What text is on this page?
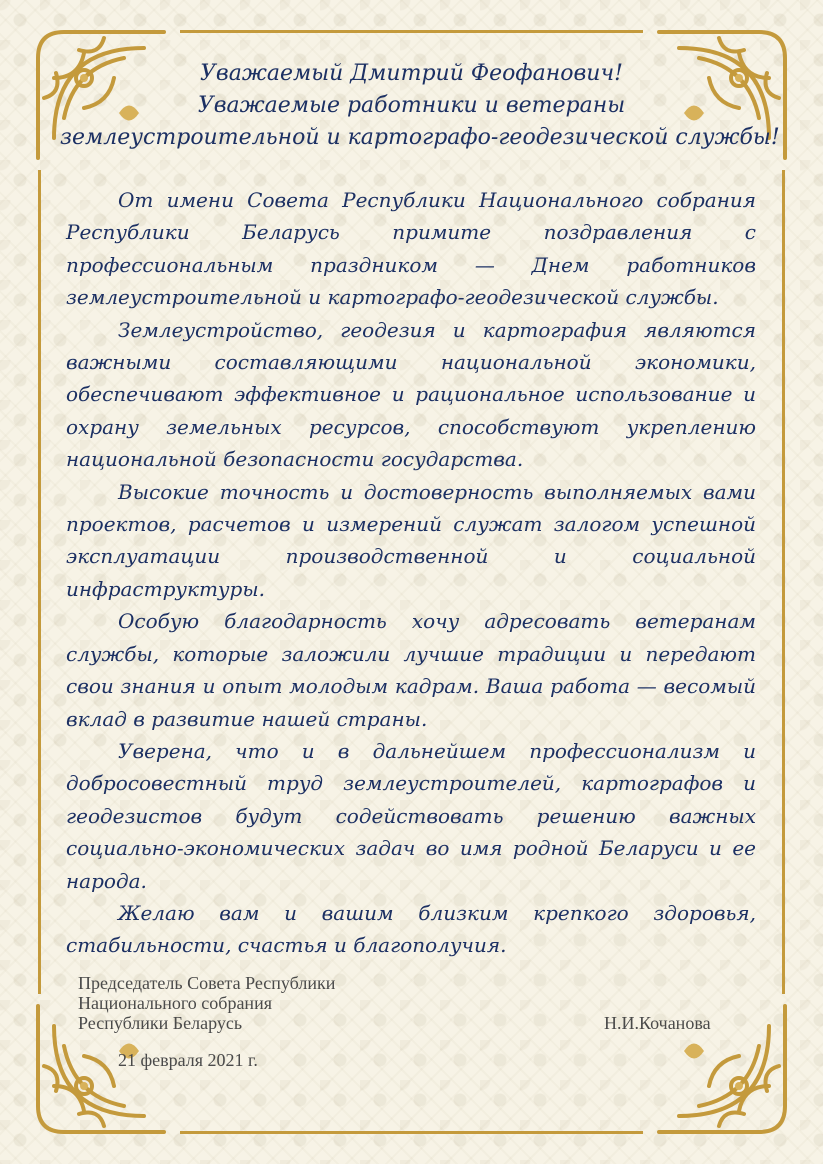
Уважаемый Дмитрий Феофанович!
Уважаемые работники и ветераны
землеустроительной и картографо-геодезической службы!

От имени Совета Республики Национального собрания Республики Беларусь примите поздравления с профессиональным праздником — Днем работников землеустроительной и картографо-геодезической службы.

Землеустройство, геодезия и картография являются важными составляющими национальной экономики, обеспечивают эффективное и рациональное использование и охрану земельных ресурсов, способствуют укреплению национальной безопасности государства.

Высокие точность и достоверность выполняемых вами проектов, расчетов и измерений служат залогом успешной эксплуатации производственной и социальной инфраструктуры.

Особую благодарность хочу адресовать ветеранам службы, которые заложили лучшие традиции и передают свои знания и опыт молодым кадрам. Ваша работа — весомый вклад в развитие нашей страны.

Уверена, что и в дальнейшем профессионализм и добросовестный труд землеустроителей, картографов и геодезистов будут содействовать решению важных социально-экономических задач во имя родной Беларуси и ее народа.

Желаю вам и вашим близким крепкого здоровья, стабильности, счастья и благополучия.

Председатель Совета Республики
Национального собрания
Республики Беларусь	Н.И.Кочанова
21 февраля 2021 г.
